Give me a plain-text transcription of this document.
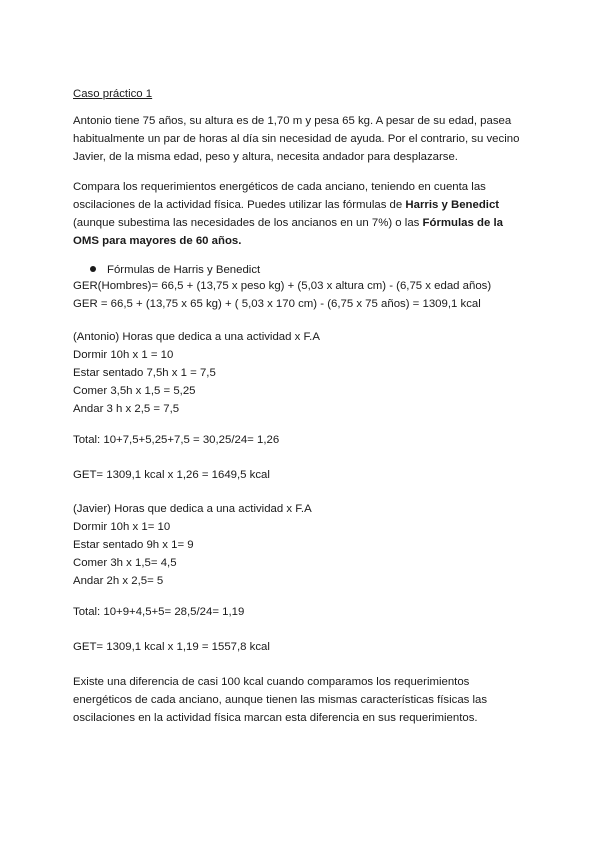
Caso práctico 1
Antonio tiene 75 años, su altura es de 1,70 m y pesa 65 kg. A pesar de su edad, pasea
habitualmente un par de horas al día sin necesidad de ayuda. Por el contrario, su vecino
Javier, de la misma edad, peso y altura, necesita andador para desplazarse.
Compara los requerimientos energéticos de cada anciano, teniendo en cuenta las
oscilaciones de la actividad física. Puedes utilizar las fórmulas de Harris y Benedict
(aunque subestima las necesidades de los ancianos en un 7%) o las Fórmulas de la
OMS para mayores de 60 años.
Fórmulas de Harris y Benedict
GER(Hombres)= 66,5 + (13,75 x peso kg) + (5,03 x altura cm) - (6,75 x edad años)
GER = 66,5 + (13,75 x 65 kg) + ( 5,03 x 170 cm) - (6,75 x 75 años) = 1309,1 kcal
(Antonio) Horas que dedica a una actividad x F.A
Dormir 10h x 1 = 10
Estar sentado 7,5h x 1 = 7,5
Comer 3,5h x 1,5 = 5,25
Andar 3 h x 2,5 = 7,5
Total: 10+7,5+5,25+7,5 = 30,25/24= 1,26
GET= 1309,1 kcal x 1,26 = 1649,5 kcal
(Javier) Horas que dedica a una actividad x F.A
Dormir 10h x 1= 10
Estar sentado 9h x 1= 9
Comer 3h x 1,5= 4,5
Andar 2h x 2,5= 5
Total: 10+9+4,5+5= 28,5/24= 1,19
GET= 1309,1 kcal x 1,19 = 1557,8 kcal
Existe una diferencia de casi 100 kcal cuando comparamos los requerimientos
energéticos de cada anciano, aunque tienen las mismas características físicas las
oscilaciones en la actividad física marcan esta diferencia en sus requerimientos.
